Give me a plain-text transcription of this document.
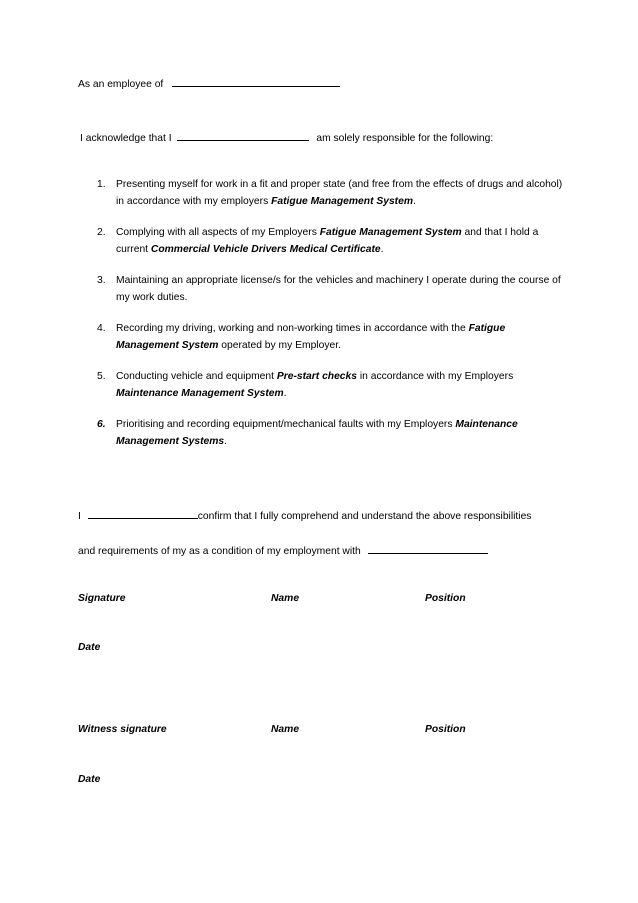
As an employee of
I acknowledge that I	am solely responsible for the following:
1. Presenting myself for work in a fit and proper state (and free from the effects of drugs and alcohol) in accordance with my employers Fatigue Management System.
2. Complying with all aspects of my Employers Fatigue Management System and that I hold a current Commercial Vehicle Drivers Medical Certificate.
3. Maintaining an appropriate license/s for the vehicles and machinery I operate during the course of my work duties.
4. Recording my driving, working and non-working times in accordance with the Fatigue Management System operated by my Employer.
5. Conducting vehicle and equipment Pre-start checks in accordance with my Employers Maintenance Management System.
6. Prioritising and recording equipment/mechanical faults with my Employers Maintenance Management Systems.
I	confirm that I fully comprehend and understand the above responsibilities
and requirements of my as a condition of my employment with
Signature	Name	Position
Date
Witness signature	Name	Position
Date
